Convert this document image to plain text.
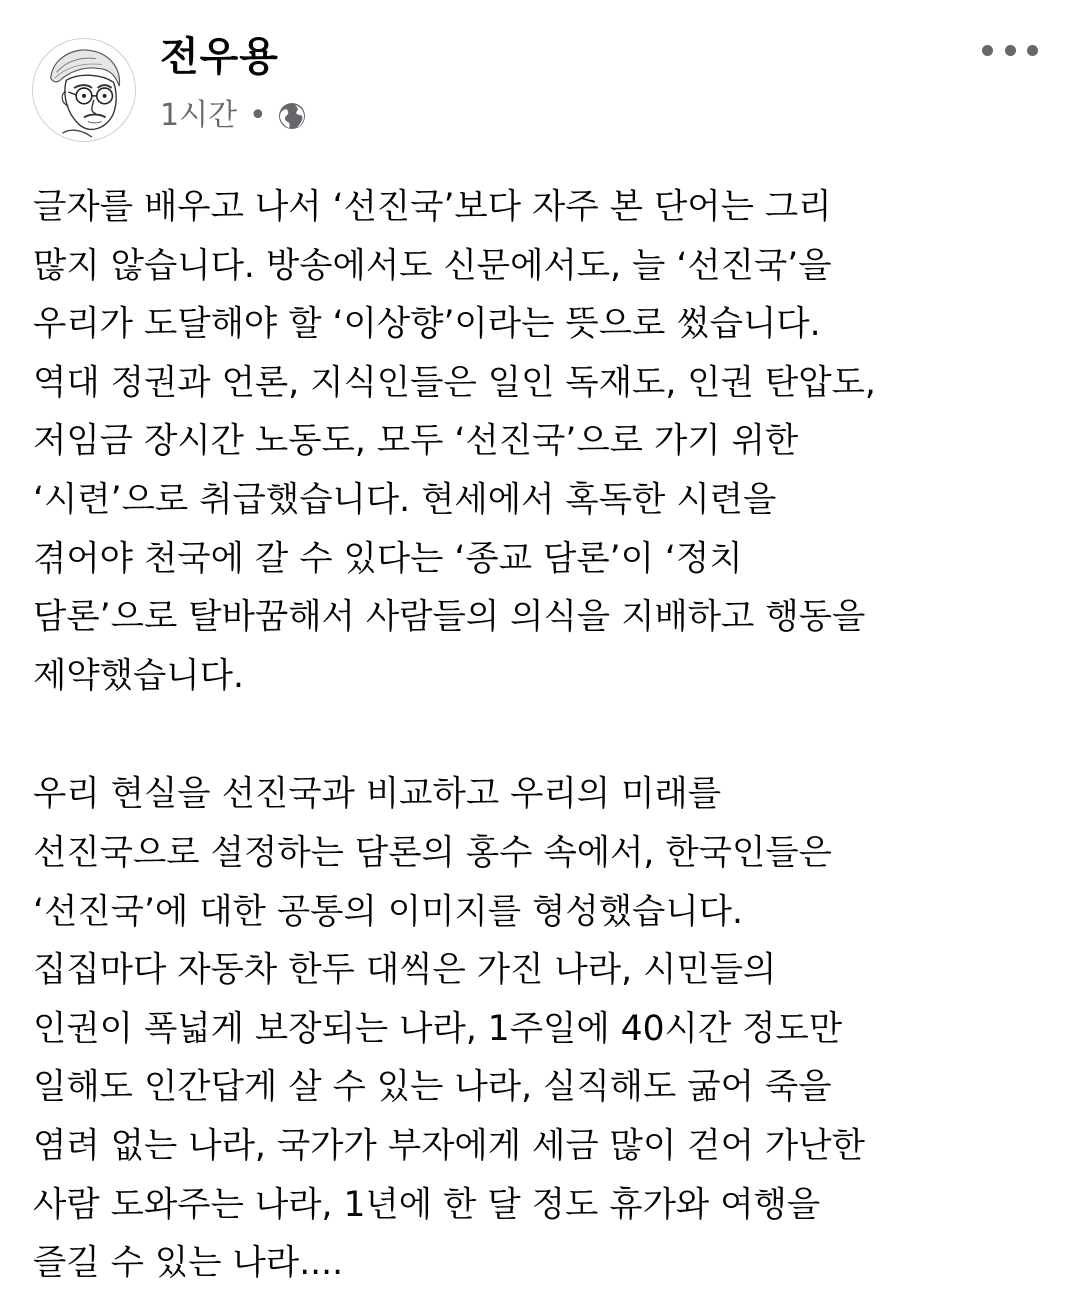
전우용
1시간 •

글자를 배우고 나서 ‘선진국’보다 자주 본 단어는 그리
많지 않습니다. 방송에서도 신문에서도, 늘 ‘선진국’을
우리가 도달해야 할 ‘이상향’이라는 뜻으로 썼습니다.
역대 정권과 언론, 지식인들은 일인 독재도, 인권 탄압도,
저임금 장시간 노동도, 모두 ‘선진국’으로 가기 위한
‘시련’으로 취급했습니다. 현세에서 혹독한 시련을
겪어야 천국에 갈 수 있다는 ‘종교 담론’이 ‘정치
담론’으로 탈바꿈해서 사람들의 의식을 지배하고 행동을
제약했습니다.

우리 현실을 선진국과 비교하고 우리의 미래를
선진국으로 설정하는 담론의 홍수 속에서, 한국인들은
‘선진국’에 대한 공통의 이미지를 형성했습니다.
집집마다 자동차 한두 대씩은 가진 나라, 시민들의
인권이 폭넓게 보장되는 나라, 1주일에 40시간 정도만
일해도 인간답게 살 수 있는 나라, 실직해도 굶어 죽을
염려 없는 나라, 국가가 부자에게 세금 많이 걷어 가난한
사람 도와주는 나라, 1년에 한 달 정도 휴가와 여행을
즐길 수 있는 나라....
